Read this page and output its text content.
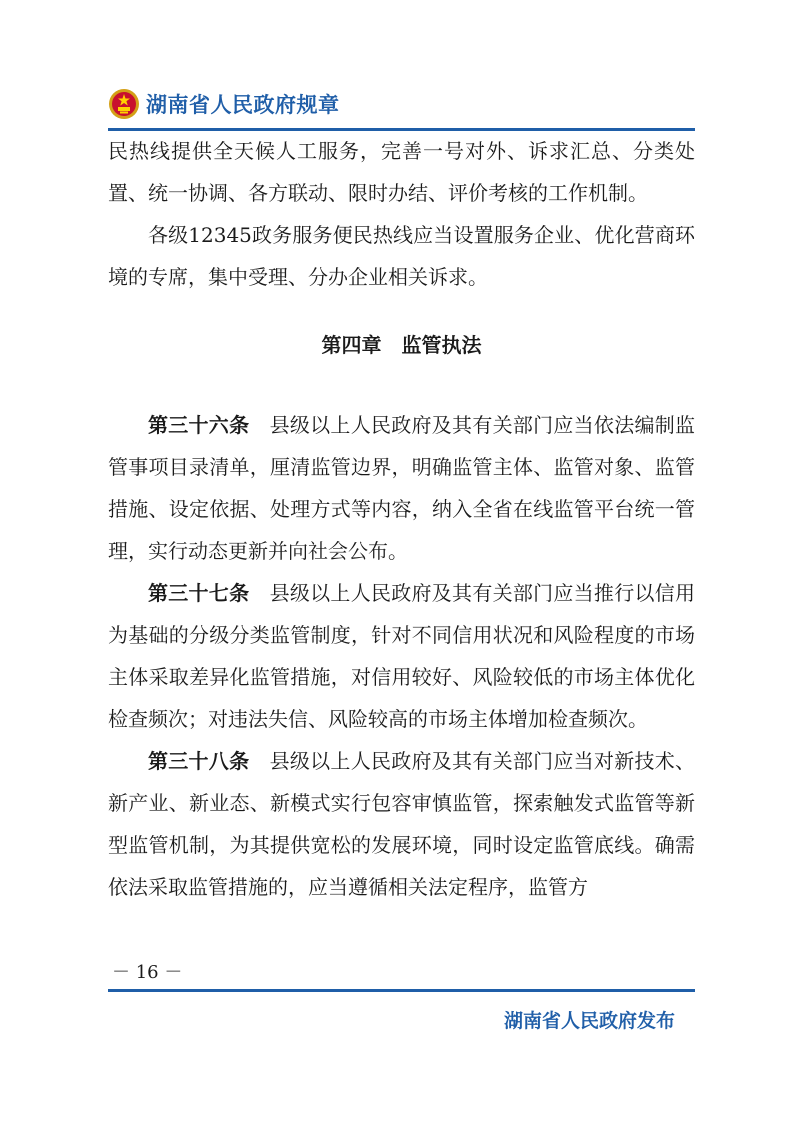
湖南省人民政府规章

民热线提供全天候人工服务，完善一号对外、诉求汇总、分类处置、统一协调、各方联动、限时办结、评价考核的工作机制。

各级12345政务服务便民热线应当设置服务企业、优化营商环境的专席，集中受理、分办企业相关诉求。

第四章　监管执法

第三十六条　县级以上人民政府及其有关部门应当依法编制监管事项目录清单，厘清监管边界，明确监管主体、监管对象、监管措施、设定依据、处理方式等内容，纳入全省在线监管平台统一管理，实行动态更新并向社会公布。

第三十七条　县级以上人民政府及其有关部门应当推行以信用为基础的分级分类监管制度，针对不同信用状况和风险程度的市场主体采取差异化监管措施，对信用较好、风险较低的市场主体优化检查频次；对违法失信、风险较高的市场主体增加检查频次。

第三十八条　县级以上人民政府及其有关部门应当对新技术、新产业、新业态、新模式实行包容审慎监管，探索触发式监管等新型监管机制，为其提供宽松的发展环境，同时设定监管底线。确需依法采取监管措施的，应当遵循相关法定程序，监管方

－ 16 －
湖南省人民政府发布
